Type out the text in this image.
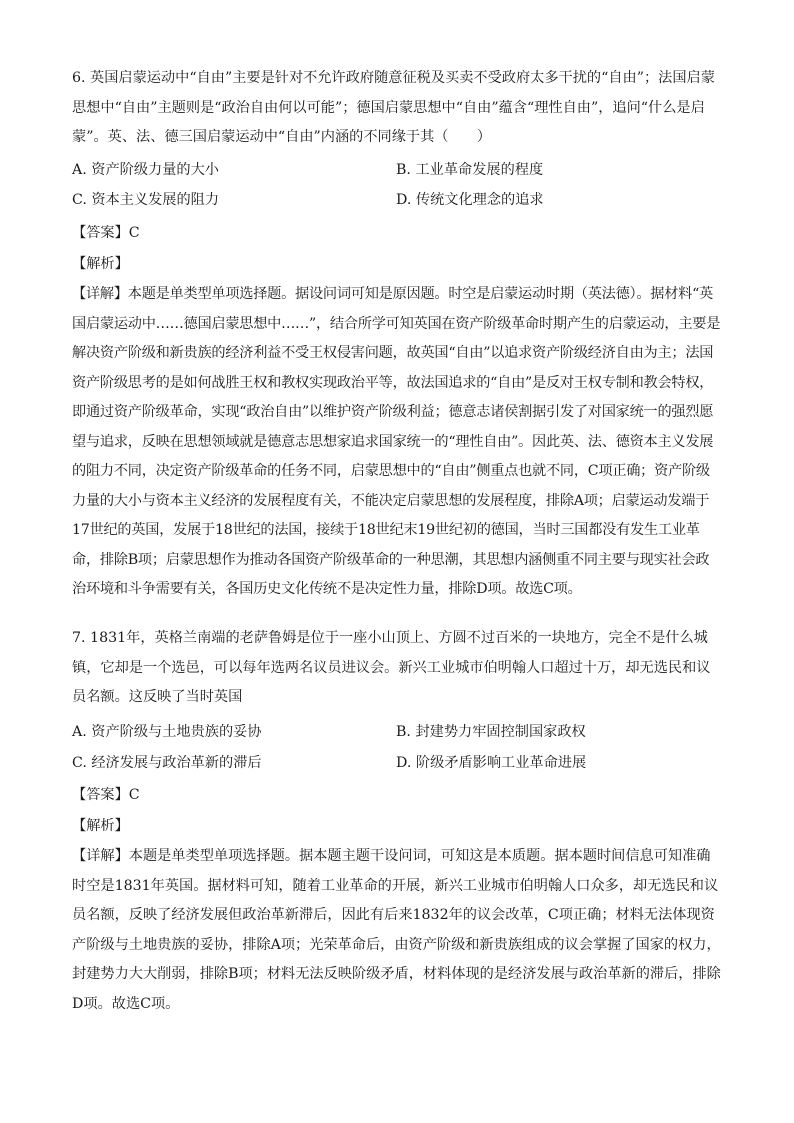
6. 英国启蒙运动中“自由”主要是针对不允许政府随意征税及买卖不受政府太多干扰的“自由”；法国启蒙思想中“自由”主题则是“政治自由何以可能”；德国启蒙思想中“自由”蕴含“理性自由”，追问“什么是启蒙”。英、法、德三国启蒙运动中“自由”内涵的不同缘于其（　　）

A. 资产阶级力量的大小	B. 工业革命发展的程度
C. 资本主义发展的阻力	D. 传统文化理念的追求
【答案】C
【解析】

【详解】本题是单类型单项选择题。据设问词可知是原因题。时空是启蒙运动时期（英法德）。据材料“英国启蒙运动中……德国启蒙思想中……”，结合所学可知英国在资产阶级革命时期产生的启蒙运动，主要是解决资产阶级和新贵族的经济利益不受王权侵害问题，故英国“自由”以追求资产阶级经济自由为主；法国资产阶级思考的是如何战胜王权和教权实现政治平等，故法国追求的“自由”是反对王权专制和教会特权，即通过资产阶级革命，实现“政治自由”以维护资产阶级利益；德意志诸侯割据引发了对国家统一的强烈愿望与追求，反映在思想领域就是德意志思想家追求国家统一的“理性自由”。因此英、法、德资本主义发展的阻力不同，决定资产阶级革命的任务不同，启蒙思想中的“自由”侧重点也就不同，C项正确；资产阶级力量的大小与资本主义经济的发展程度有关，不能决定启蒙思想的发展程度，排除A项；启蒙运动发端于17世纪的英国，发展于18世纪的法国，接续于18世纪末19世纪初的德国，当时三国都没有发生工业革命，排除B项；启蒙思想作为推动各国资产阶级革命的一种思潮，其思想内涵侧重不同主要与现实社会政治环境和斗争需要有关，各国历史文化传统不是决定性力量，排除D项。故选C项。

7. 1831年，英格兰南端的老萨鲁姆是位于一座小山顶上、方圆不过百米的一块地方，完全不是什么城镇，它却是一个选邑，可以每年选两名议员进议会。新兴工业城市伯明翰人口超过十万，却无选民和议员名额。这反映了当时英国

A. 资产阶级与土地贵族的妥协	B. 封建势力牢固控制国家政权
C. 经济发展与政治革新的滞后	D. 阶级矛盾影响工业革命进展
【答案】C
【解析】

【详解】本题是单类型单项选择题。据本题主题干设问词，可知这是本质题。据本题时间信息可知准确时空是1831年英国。据材料可知，随着工业革命的开展，新兴工业城市伯明翰人口众多，却无选民和议员名额，反映了经济发展但政治革新滞后，因此有后来1832年的议会改革，C项正确；材料无法体现资产阶级与土地贵族的妥协，排除A项；光荣革命后，由资产阶级和新贵族组成的议会掌握了国家的权力，封建势力大大削弱，排除B项；材料无法反映阶级矛盾，材料体现的是经济发展与政治革新的滞后，排除D项。故选C项。
